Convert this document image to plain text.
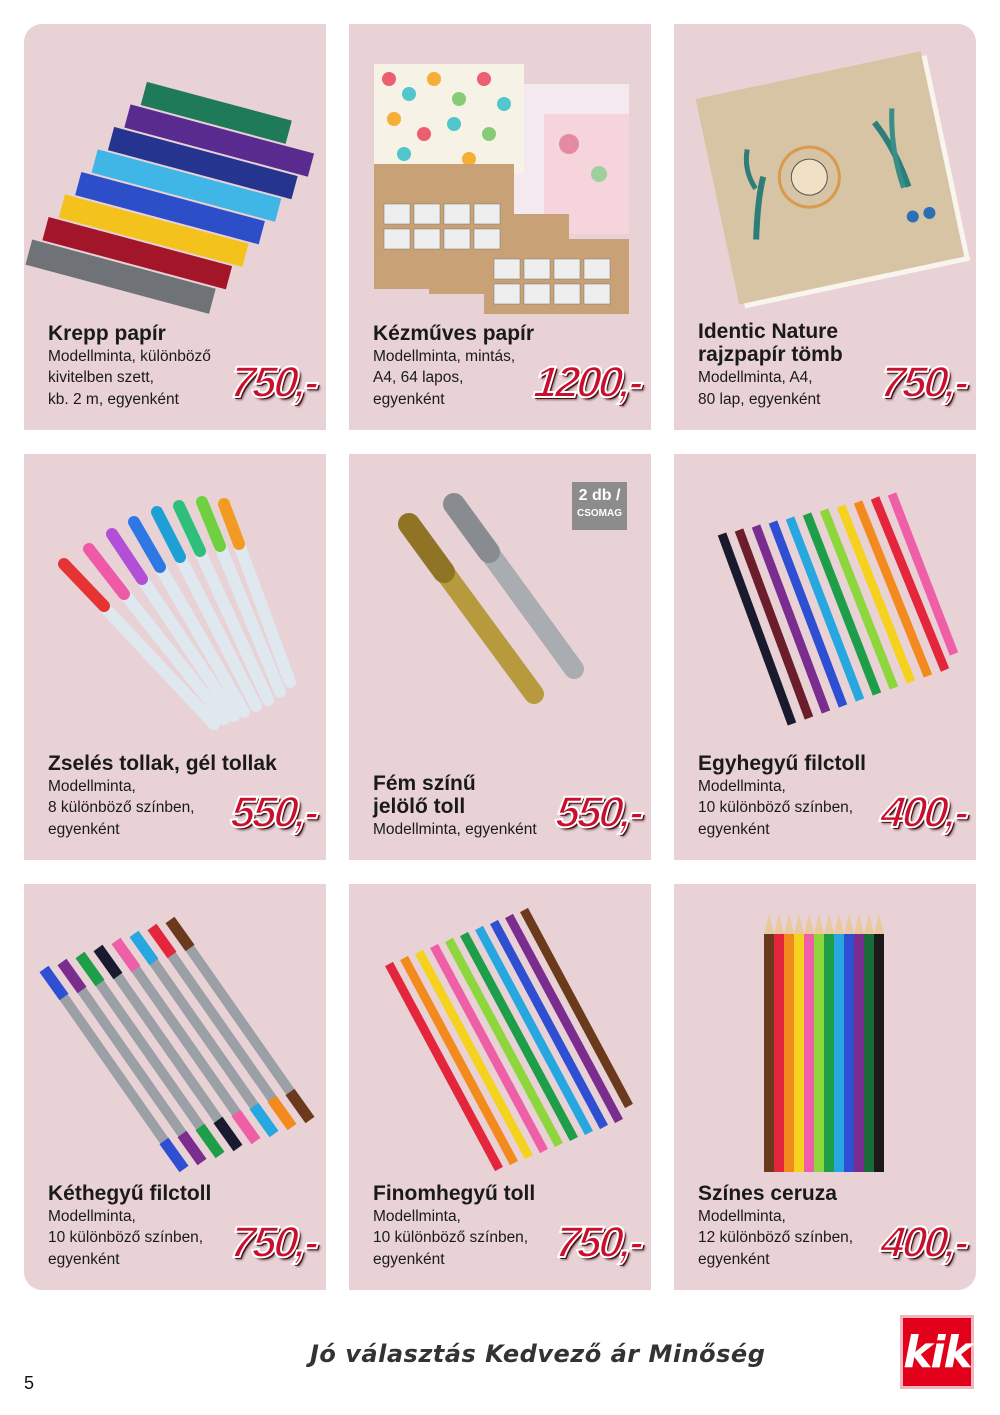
Krepp papír
Modellminta, különböző
kivitelben szett,
kb. 2 m, egyenként	750,-
Kézműves papír
Modellminta, mintás,
A4, 64 lapos,
egyenként	1200,-
Identic Nature rajzpapír tömb
Modellminta, A4,
80 lap, egyenként	750,-
Zselés tollak, gél tollak
Modellminta,
8 különböző színben,
egyenként	550,-
2 db /
CSOMAG
Fém színű jelölő toll
Modellminta, egyenként 550,-
Egyhegyű filctoll
Modellminta,
10 különböző színben,
egyenként	400,-
Kéthegyű filctoll
Modellminta,
10 különböző színben,
egyenként	750,-
Finomhegyű toll
Modellminta,
10 különböző színben,
egyenként	750,-
Színes ceruza
Modellminta,
12 különböző színben,
egyenként	400,-
Jó választás Kedvező ár Minőség
5
kik
